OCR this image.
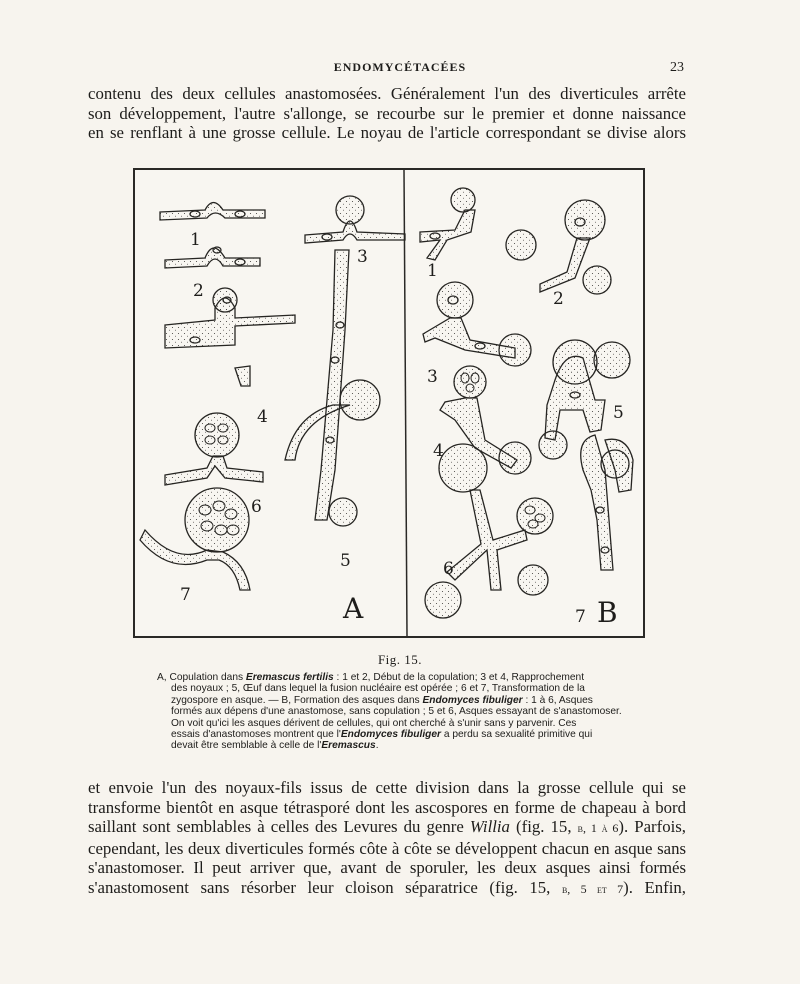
ENDOMYCÉTACÉES	23
contenu des deux cellules anastomosées. Généralement l'un des diverticules arrête
son développement, l'autre s'allonge, se recourbe sur le premier et donne naissance
en se renflant à une grosse cellule. Le noyau de l'article correspondant se divise alors
1
2
3
4
5
6
7	A
1
2
3
4
5
6
7 B
Fig. 15.
A, Copulation dans Eremascus fertilis : 1 et 2, Début de la copulation; 3 et 4, Rapprochement
des noyaux ; 5, Œuf dans lequel la fusion nucléaire est opérée ; 6 et 7, Transformation de la
zygospore en asque. — B, Formation des asques dans Endomyces fibuliger : 1 à 6, Asques
formés aux dépens d'une anastomose, sans copulation ; 5 et 6, Asques essayant de s'anastomoser.
On voit qu'ici les asques dérivent de cellules, qui ont cherché à s'unir sans y parvenir. Ces
essais d'anastomoses montrent que l'Endomyces fibuliger a perdu sa sexualité primitive qui
devait être semblable à celle de l'Eremascus.
et envoie l'un des noyaux-fils issus de cette division dans la grosse cellule qui se
transforme bientôt en asque tétrasporé dont les ascospores en forme de chapeau à bord
saillant sont semblables à celles des Levures du genre Willia (fig. 15, b, 1 à 6). Parfois,
cependant, les deux diverticules formés côte à côte se développent chacun en asque sans
s'anastomoser. Il peut arriver que, avant de sporuler, les deux asques ainsi formés
s'anastomosent sans résorber leur cloison séparatrice (fig. 15, b, 5 et 7). Enfin,
